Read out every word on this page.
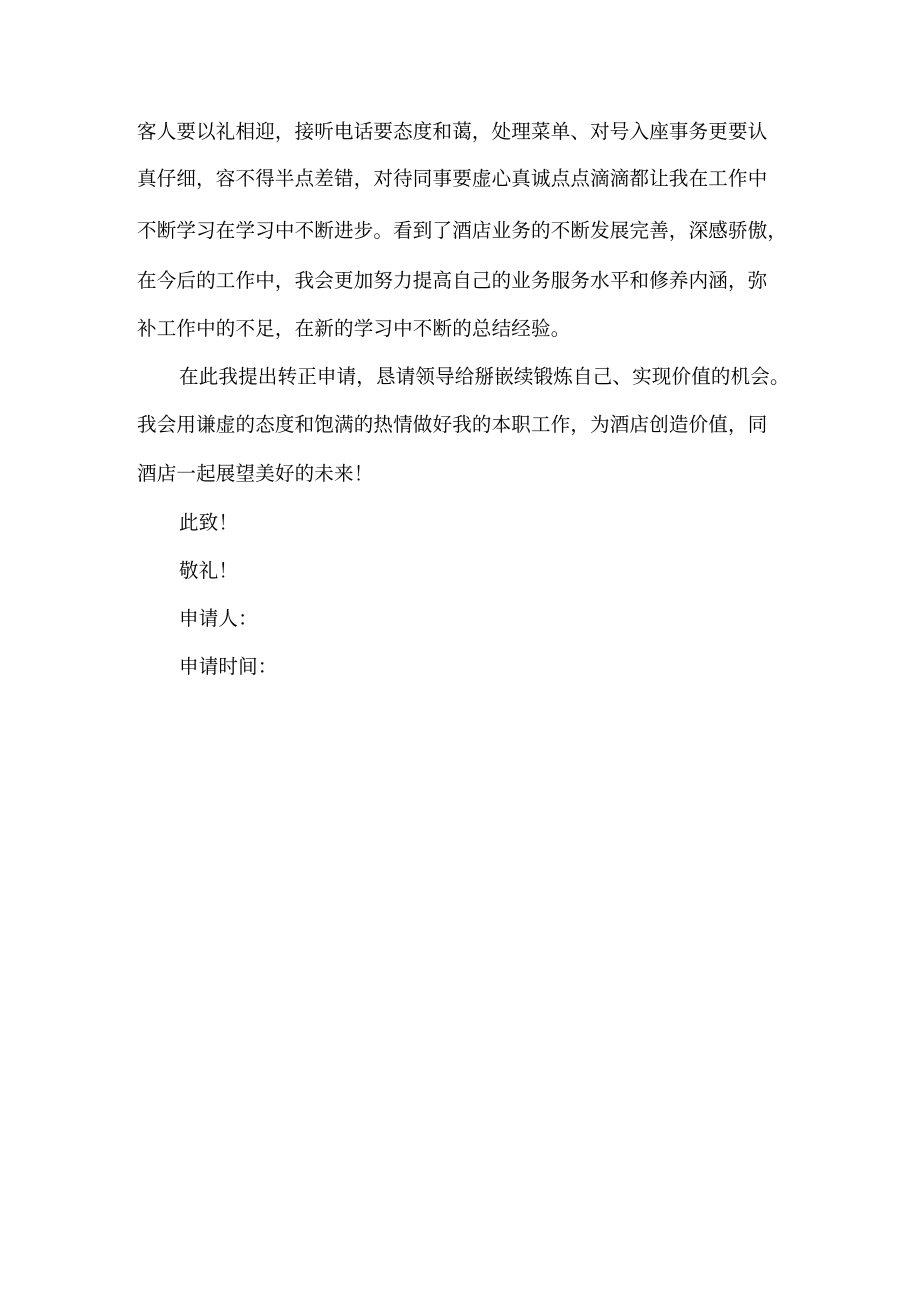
客人要以礼相迎，接听电话要态度和蔼，处理菜单、对号入座事务更要认
真仔细，容不得半点差错，对待同事要虚心真诚点点滴滴都让我在工作中
不断学习在学习中不断进步。看到了酒店业务的不断发展完善，深感骄傲，
在今后的工作中，我会更加努力提高自己的业务服务水平和修养内涵，弥
补工作中的不足，在新的学习中不断的总结经验。
在此我提出转正申请，恳请领导给掰嵌续锻炼自己、实现价值的机会。
我会用谦虚的态度和饱满的热情做好我的本职工作，为酒店创造价值，同
酒店一起展望美好的未来！
此致！
敬礼！
申请人：
申请时间：
